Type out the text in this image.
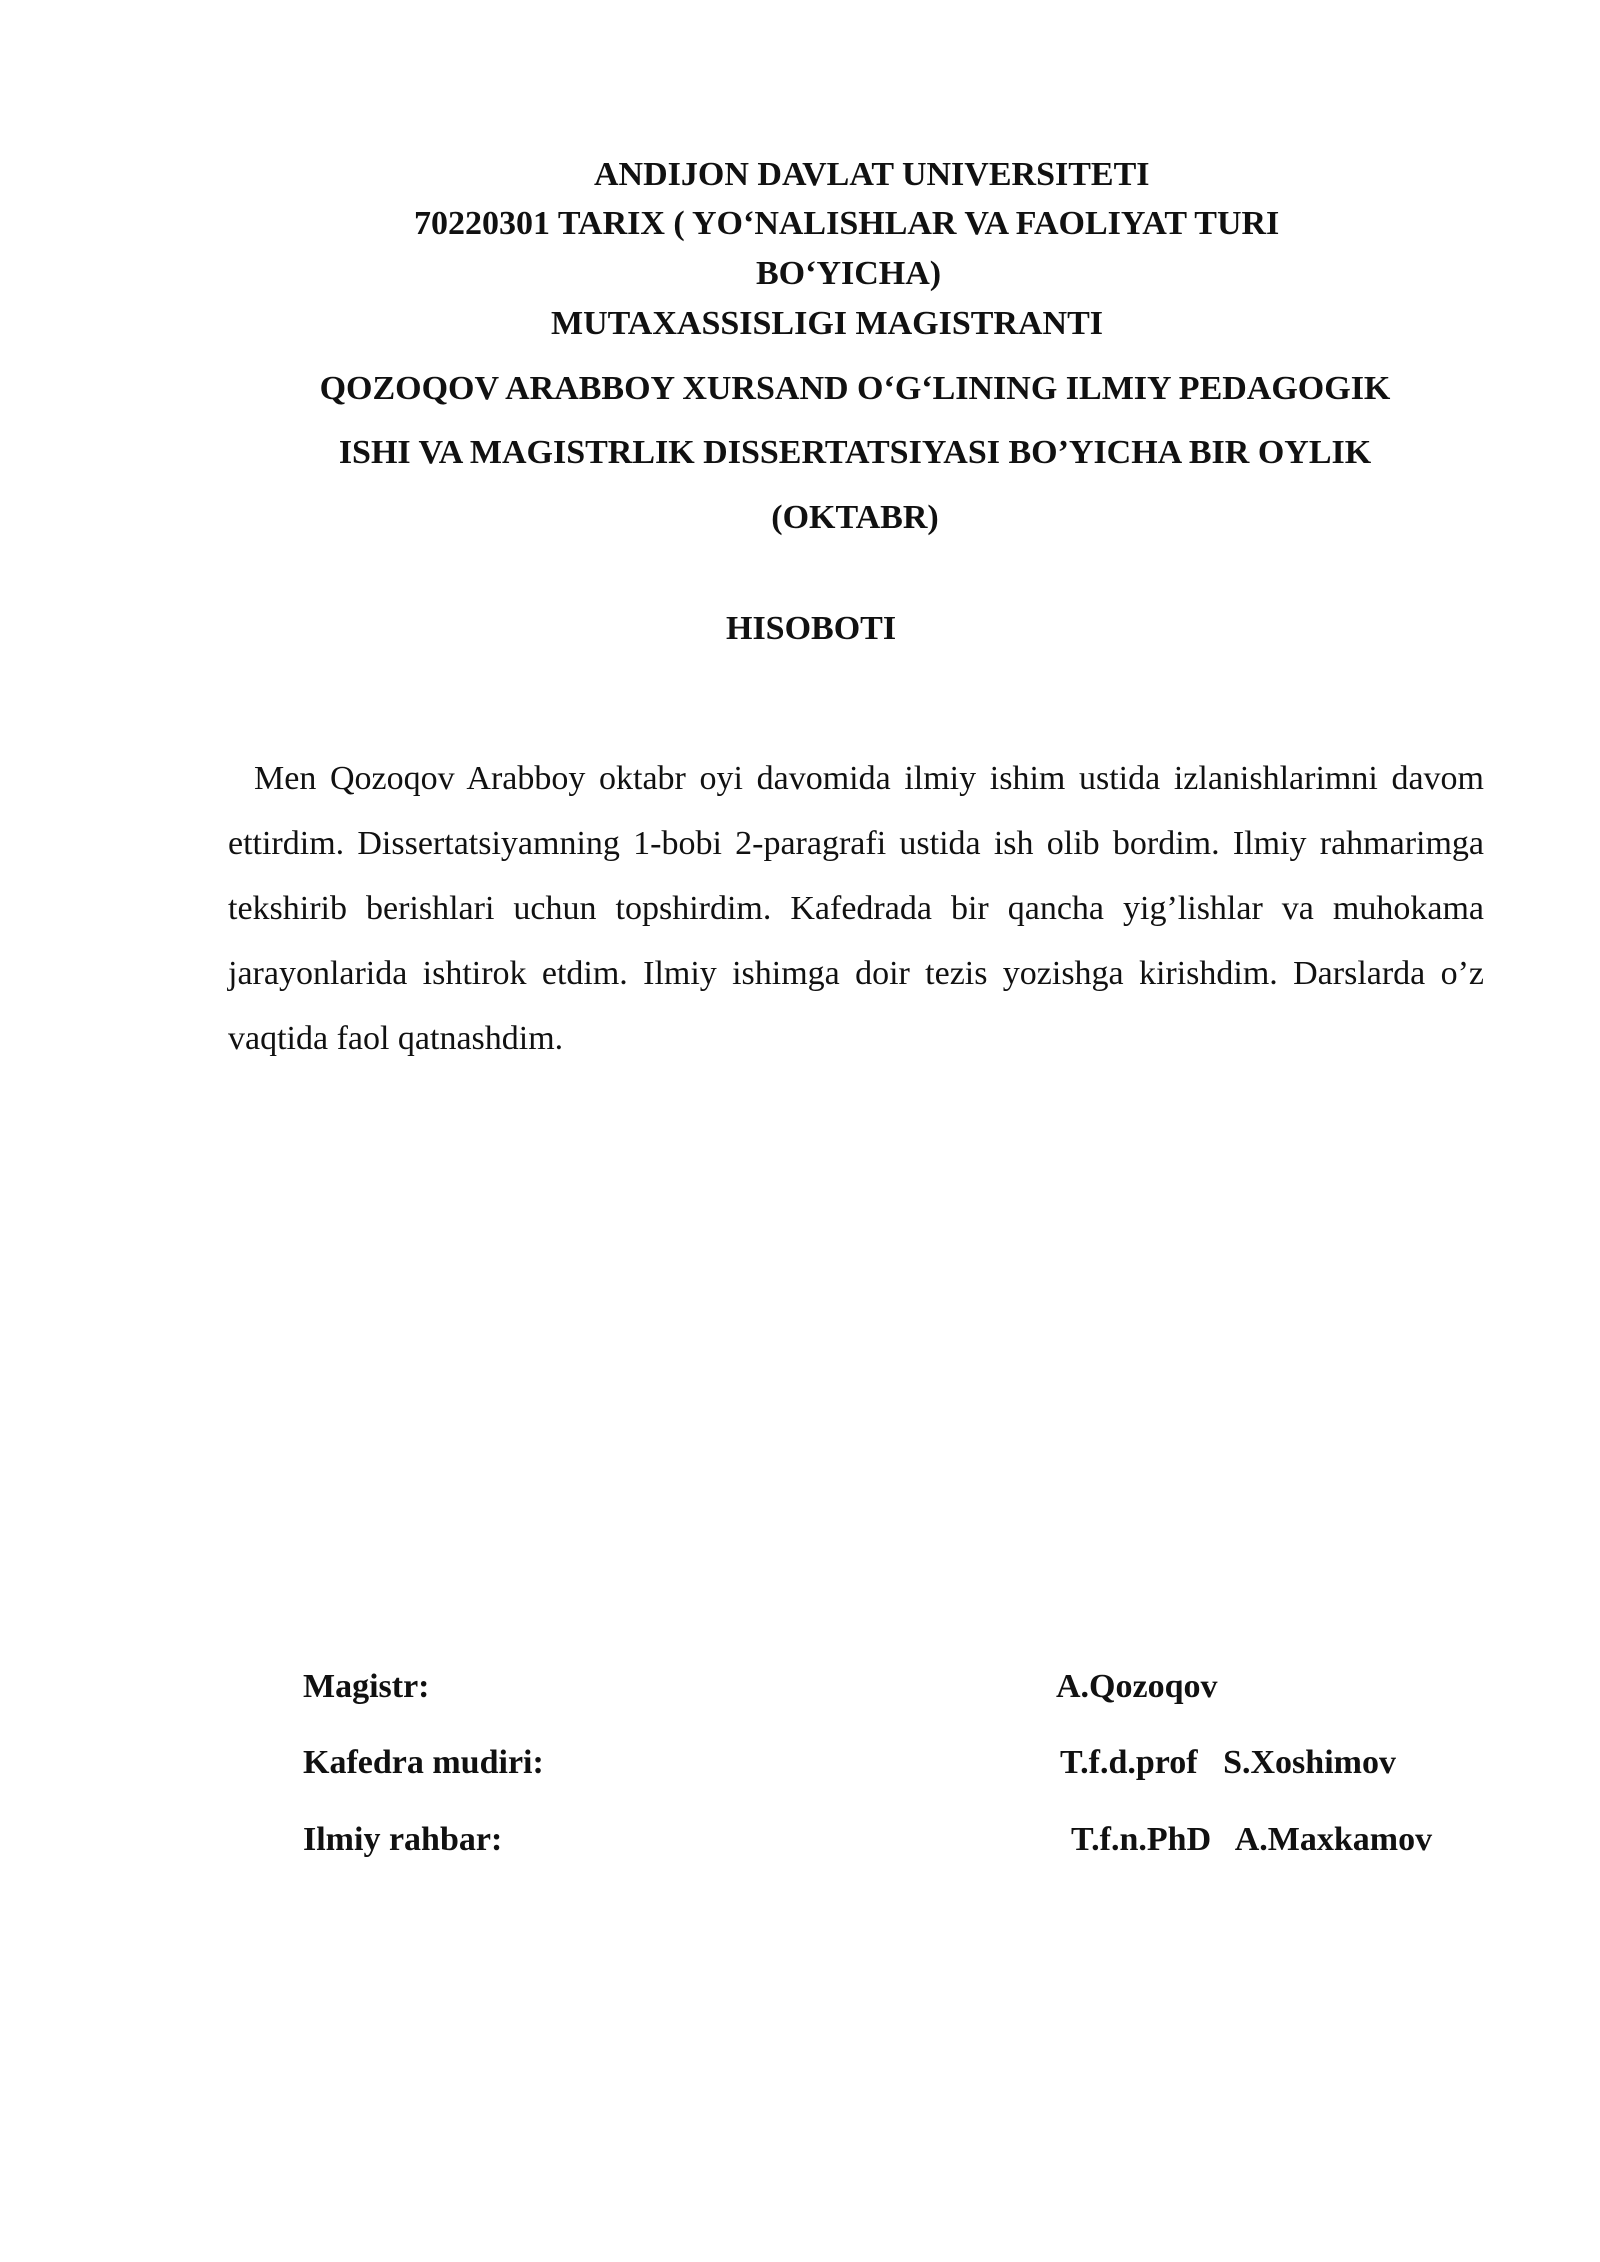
ANDIJON DAVLAT UNIVERSITETI
70220301 TARIX ( YO‘NALISHLAR VA FAOLIYAT TURI
BO‘YICHA)
MUTAXASSISLIGI MAGISTRANTI
QOZOQOV ARABBOY XURSAND O‘G‘LINING ILMIY PEDAGOGIK
ISHI VA MAGISTRLIK DISSERTATSIYASI BO’YICHA BIR OYLIK
(OKTABR)
HISOBOTI
Men Qozoqov Arabboy oktabr oyi davomida ilmiy ishim ustida izlanishlarimni davom ettirdim. Dissertatsiyamning 1-bobi 2-paragrafi ustida ish olib bordim. Ilmiy rahmarimga tekshirib berishlari uchun topshirdim. Kafedrada bir qancha yig’lishlar va muhokama jarayonlarida ishtirok etdim. Ilmiy ishimga doir tezis yozishga kirishdim. Darslarda o’z vaqtida faol qatnashdim.
Magistr:	A.Qozoqov
Kafedra mudiri:	T.f.d.prof   S.Xoshimov
Ilmiy rahbar:	T.f.n.PhD   A.Maxkamov
